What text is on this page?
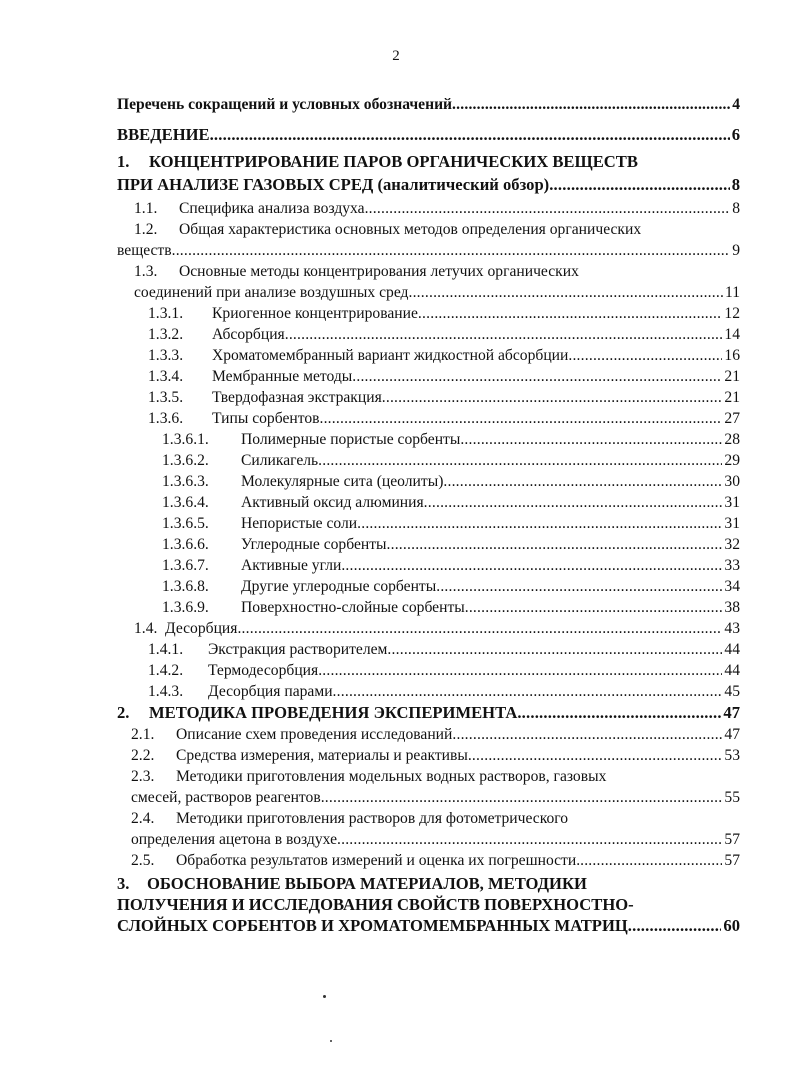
2
Перечень сокращений и условных обозначений .....	4
ВВЕДЕНИЕ .....	6
1. КОНЦЕНТРИРОВАНИЕ ПАРОВ ОРГАНИЧЕСКИХ ВЕЩЕСТВ
ПРИ АНАЛИЗЕ ГАЗОВЫХ СРЕД (аналитический обзор) .....	8
1.1. Специфика анализа воздуха .....	8
1.2. Общая характеристика основных методов определения органических
веществ .....	9
1.3. Основные методы концентрирования летучих органических
соединений при анализе воздушных сред .....	11
1.3.1. Криогенное концентрирование .....	12
1.3.2. Абсорбция .....	14
1.3.3. Хроматомембранный вариант жидкостной абсорбции .....	16
1.3.4. Мембранные методы .....	21
1.3.5. Твердофазная экстракция .....	21
1.3.6. Типы сорбентов .....	27
1.3.6.1. Полимерные пористые сорбенты .....	28
1.3.6.2. Силикагель .....	29
1.3.6.3. Молекулярные сита (цеолиты) .....	30
1.3.6.4. Активный оксид алюминия .....	31
1.3.6.5. Непористые соли .....	31
1.3.6.6. Углеродные сорбенты .....	32
1.3.6.7. Активные угли .....	33
1.3.6.8. Другие углеродные сорбенты .....	34
1.3.6.9. Поверхностно-слойные сорбенты .....	38
1.4. Десорбция .....	43
1.4.1. Экстракция растворителем .....	44
1.4.2. Термодесорбция .....	44
1.4.3. Десорбция парами .....	45
2. МЕТОДИКА ПРОВЕДЕНИЯ ЭКСПЕРИМЕНТА .....	47
2.1. Описание схем проведения исследований .....	47
2.2. Средства измерения, материалы и реактивы .....	53
2.3. Методики приготовления модельных водных растворов, газовых
смесей, растворов реагентов .....	55
2.4. Методики приготовления растворов для фотометрического
определения ацетона в воздухе .....	57
2.5. Обработка результатов измерений и оценка их погрешности. .....	57
3. ОБОСНОВАНИЕ ВЫБОРА МАТЕРИАЛОВ, МЕТОДИКИ
ПОЛУЧЕНИЯ И ИССЛЕДОВАНИЯ СВОЙСТВ ПОВЕРХНОСТНО-
СЛОЙНЫХ СОРБЕНТОВ И ХРОМАТОМЕМБРАННЫХ МАТРИЦ .....	60
